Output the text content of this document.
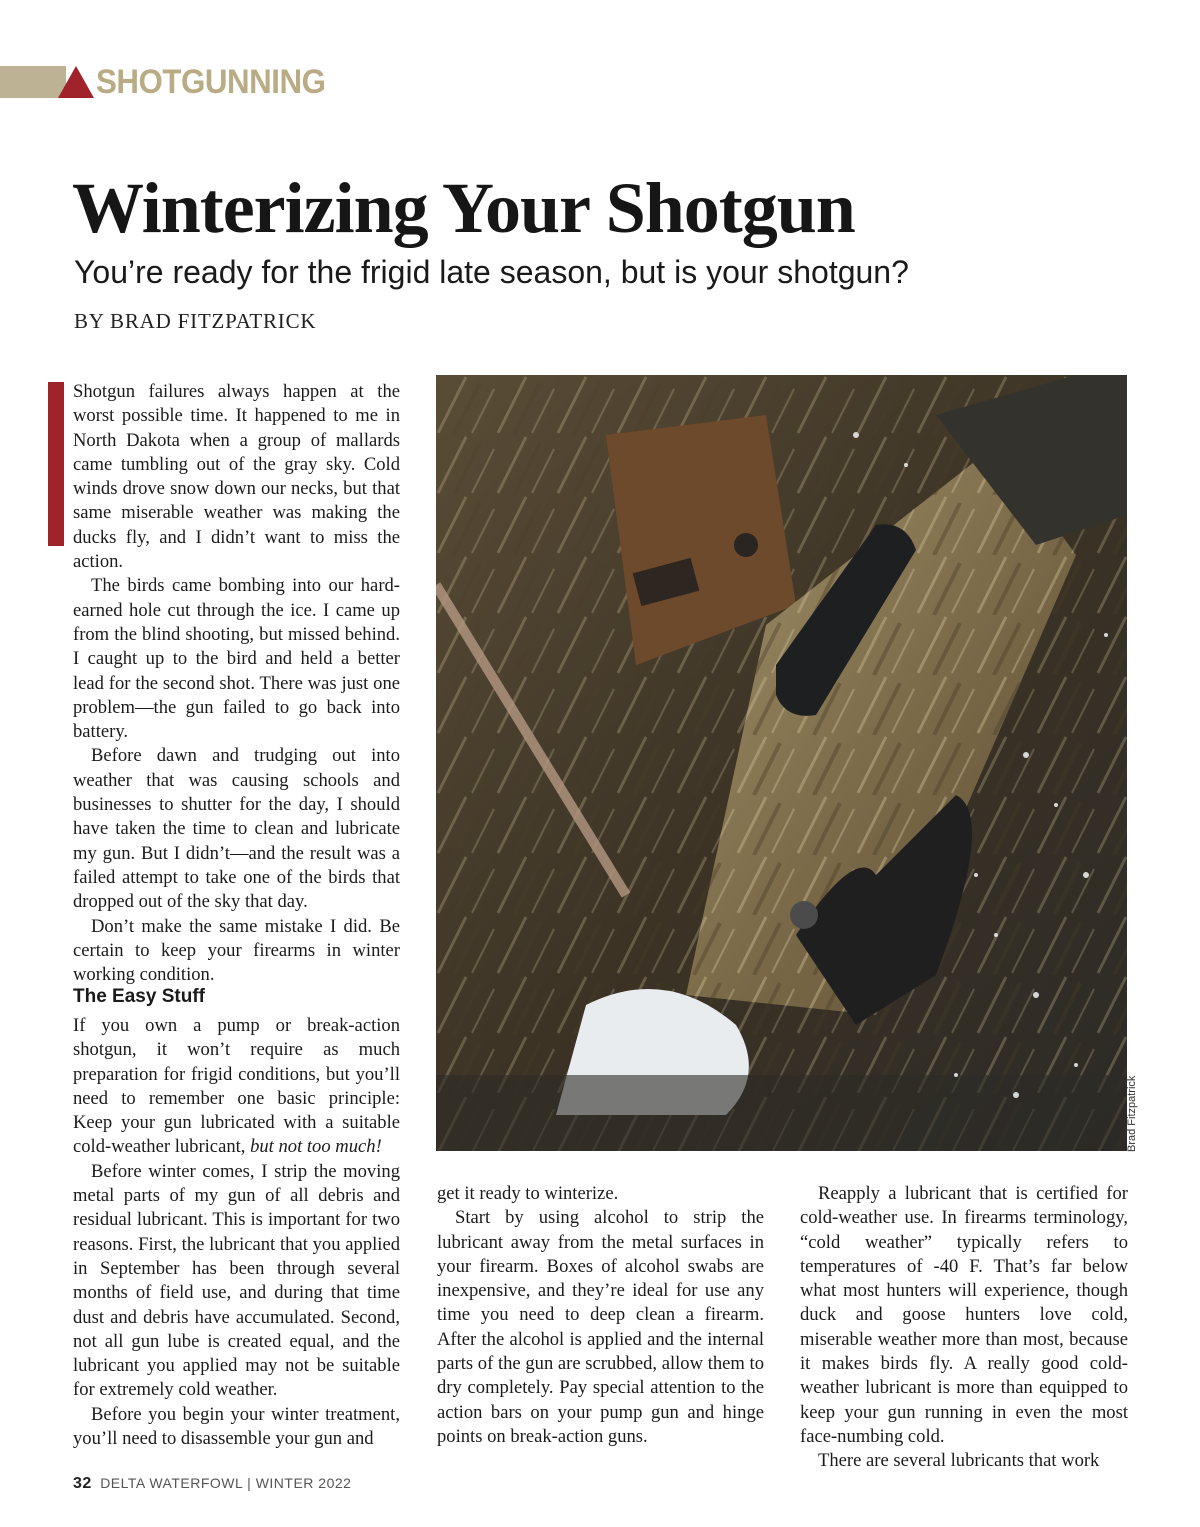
SHOTGUNNING
Winterizing Your Shotgun
You’re ready for the frigid late season, but is your shotgun?
BY BRAD FITZPATRICK

Shotgun failures always happen at the worst possible time. It happened to me in North Dakota when a group of mallards came tumbling out of the gray sky. Cold winds drove snow down our necks, but that same miserable weather was making the ducks fly, and I didn’t want to miss the action.

The birds came bombing into our hard-earned hole cut through the ice. I came up from the blind shooting, but missed behind. I caught up to the bird and held a better lead for the second shot. There was just one problem—the gun failed to go back into battery.

Before dawn and trudging out into weather that was causing schools and businesses to shutter for the day, I should have taken the time to clean and lubricate my gun. But I didn’t—and the result was a failed attempt to take one of the birds that dropped out of the sky that day.

Don’t make the same mistake I did. Be certain to keep your firearms in winter working condition.

The Easy Stuff

If you own a pump or break-action shotgun, it won’t require as much preparation for frigid conditions, but you’ll need to remember one basic principle: Keep your gun lubricated with a suitable cold-weather lubricant, but not too much!

Before winter comes, I strip the moving metal parts of my gun of all debris and residual lubricant. This is important for two reasons. First, the lubricant that you applied in September has been through several months of field use, and during that time dust and debris have accumulated. Second, not all gun lube is created equal, and the lubricant you applied may not be suitable for extremely cold weather.

Before you begin your winter treatment, you’ll need to disassemble your gun and

Brad Fitzpatrick

get it ready to winterize.

Start by using alcohol to strip the lubricant away from the metal surfaces in your firearm. Boxes of alcohol swabs are inexpensive, and they’re ideal for use any time you need to deep clean a firearm. After the alcohol is applied and the internal parts of the gun are scrubbed, allow them to dry completely. Pay special attention to the action bars on your pump gun and hinge points on break-action guns.

Reapply a lubricant that is certified for cold-weather use. In firearms terminology, “cold weather” typically refers to temperatures of -40 F. That’s far below what most hunters will experience, though duck and goose hunters love cold, miserable weather more than most, because it makes birds fly. A really good cold-weather lubricant is more than equipped to keep your gun running in even the most face-numbing cold.

There are several lubricants that work

32 DELTA WATERFOWL | WINTER 2022
